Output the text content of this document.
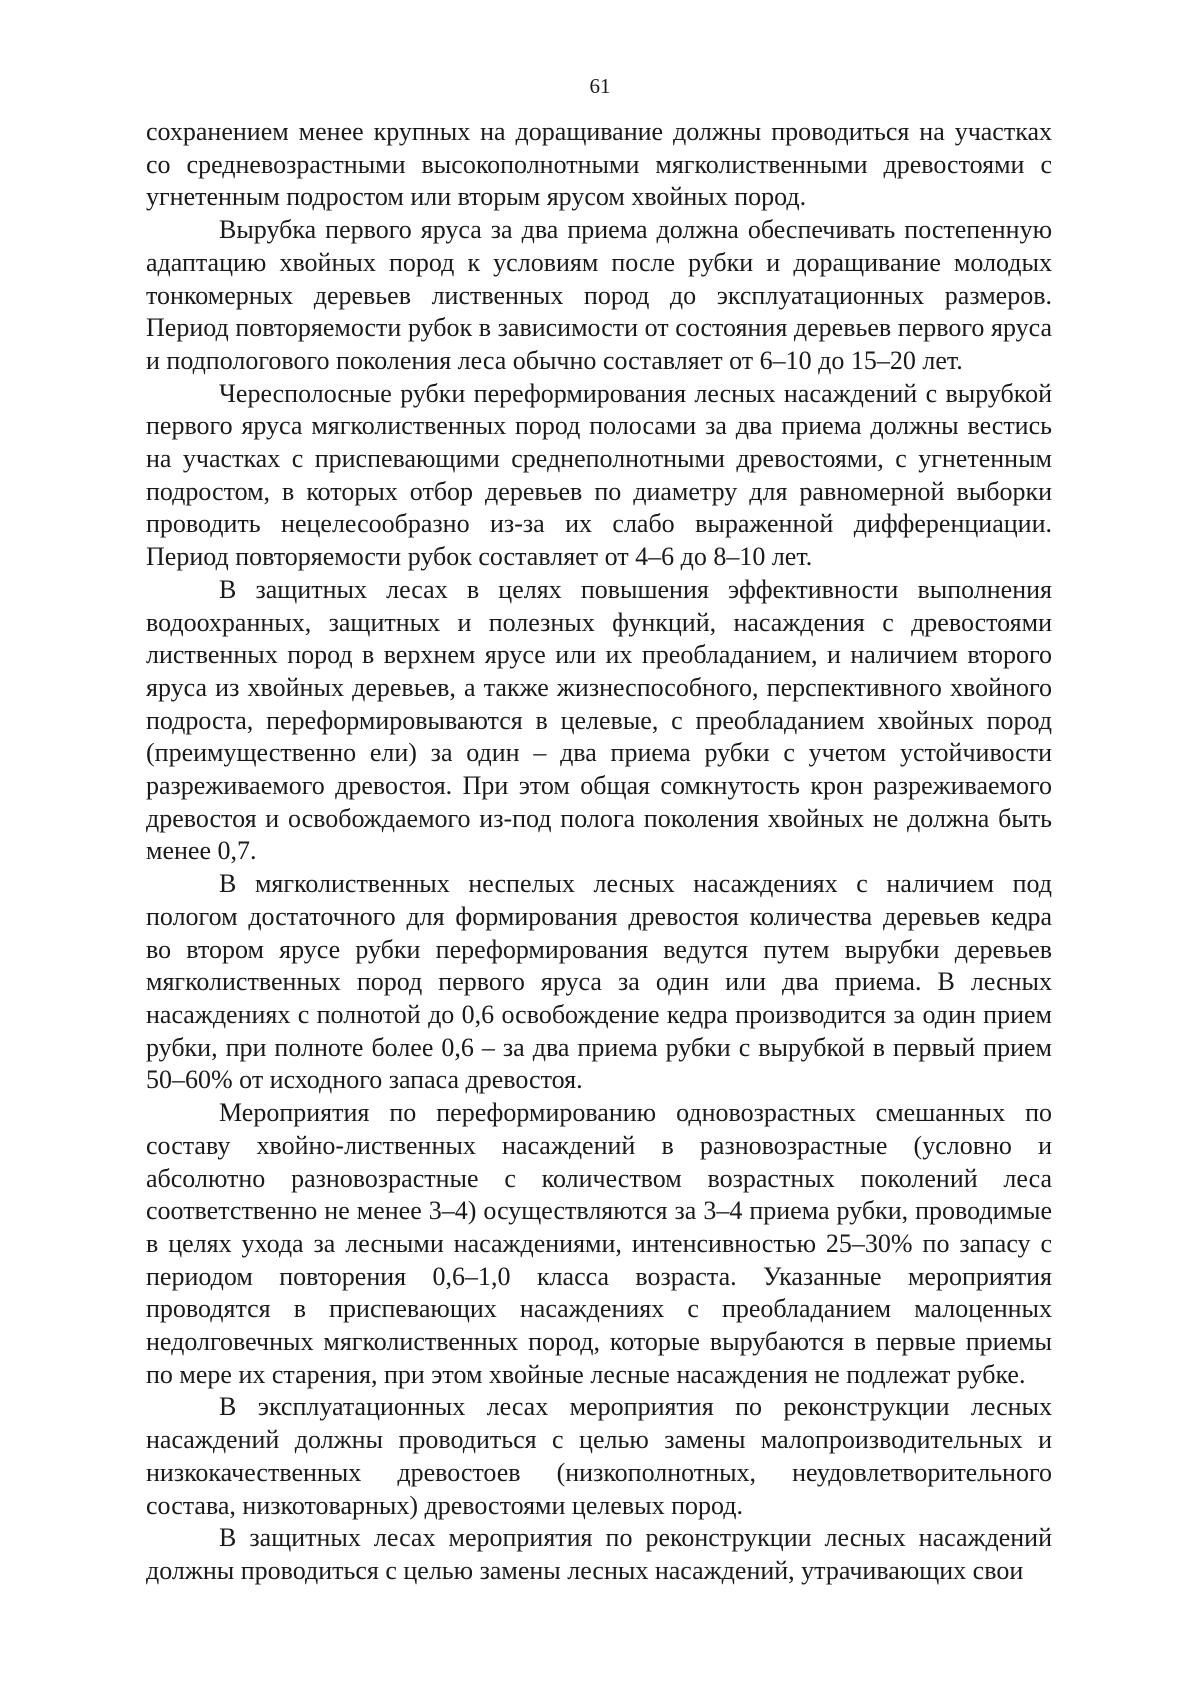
61

сохранением менее крупных на доращивание должны проводиться на участках со средневозрастными высокополнотными мягколиственными древостоями с угнетенным подростом или вторым ярусом хвойных пород.

Вырубка первого яруса за два приема должна обеспечивать постепенную адаптацию хвойных пород к условиям после рубки и доращивание молодых тонкомерных деревьев лиственных пород до эксплуатационных размеров. Период повторяемости рубок в зависимости от состояния деревьев первого яруса и подпологового поколения леса обычно составляет от 6–10 до 15–20 лет.

Чересполосные рубки переформирования лесных насаждений с вырубкой первого яруса мягколиственных пород полосами за два приема должны вестись на участках с приспевающими среднеполнотными древостоями, с угнетенным подростом, в которых отбор деревьев по диаметру для равномерной выборки проводить нецелесообразно из-за их слабо выраженной дифференциации. Период повторяемости рубок составляет от 4–6 до 8–10 лет.

В защитных лесах в целях повышения эффективности выполнения водоохранных, защитных и полезных функций, насаждения с древостоями лиственных пород в верхнем ярусе или их преобладанием, и наличием второго яруса из хвойных деревьев, а также жизнеспособного, перспективного хвойного подроста, переформировываются в целевые, с преобладанием хвойных пород (преимущественно ели) за один – два приема рубки с учетом устойчивости разреживаемого древостоя. При этом общая сомкнутость крон разреживаемого древостоя и освобождаемого из-под полога поколения хвойных не должна быть менее 0,7.

В мягколиственных неспелых лесных насаждениях с наличием под пологом достаточного для формирования древостоя количества деревьев кедра во втором ярусе рубки переформирования ведутся путем вырубки деревьев мягколиственных пород первого яруса за один или два приема. В лесных насаждениях с полнотой до 0,6 освобождение кедра производится за один прием рубки, при полноте более 0,6 – за два приема рубки с вырубкой в первый прием 50–60% от исходного запаса древостоя.

Мероприятия по переформированию одновозрастных смешанных по составу хвойно-лиственных насаждений в разновозрастные (условно и абсолютно разновозрастные с количеством возрастных поколений леса соответственно не менее 3–4) осуществляются за 3–4 приема рубки, проводимые в целях ухода за лесными насаждениями, интенсивностью 25–30% по запасу с периодом повторения 0,6–1,0 класса возраста. Указанные мероприятия проводятся в приспевающих насаждениях с преобладанием малоценных недолговечных мягколиственных пород, которые вырубаются в первые приемы по мере их старения, при этом хвойные лесные насаждения не подлежат рубке.

В эксплуатационных лесах мероприятия по реконструкции лесных насаждений должны проводиться с целью замены малопроизводительных и низкокачественных древостоев (низкополнотных, неудовлетворительного состава, низкотоварных) древостоями целевых пород.

В защитных лесах мероприятия по реконструкции лесных насаждений должны проводиться с целью замены лесных насаждений, утрачивающих свои
